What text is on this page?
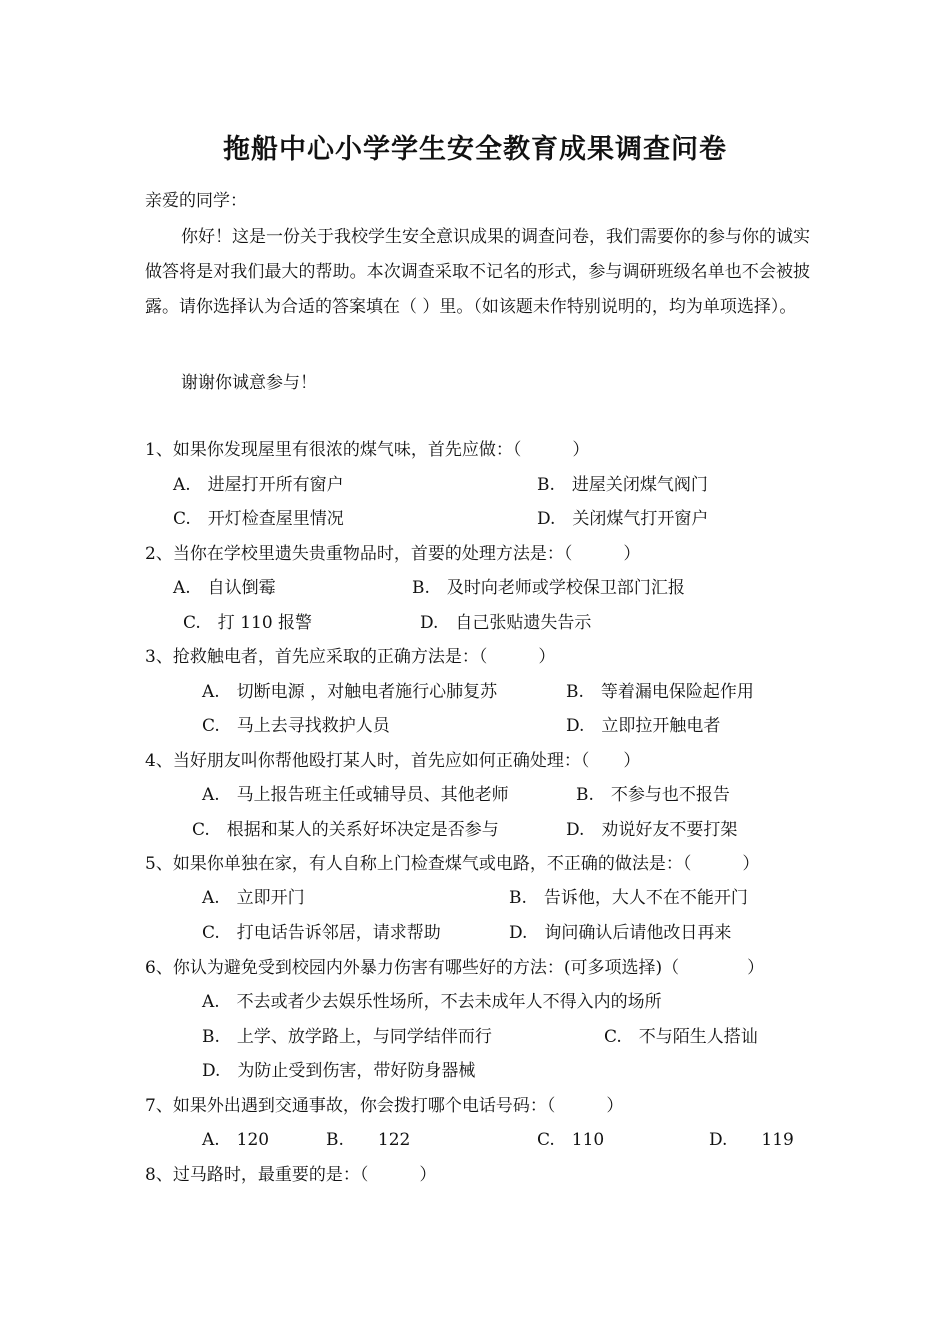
拖船中心小学学生安全教育成果调查问卷
亲爱的同学：
你好！这是一份关于我校学生安全意识成果的调查问卷，我们需要你的参与你的诚实做答将是对我们最大的帮助。本次调查采取不记名的形式，参与调研班级名单也不会被披露。请你选择认为合适的答案填在（ ）里。（如该题未作特别说明的，均为单项选择）。
谢谢你诚意参与！
1、如果你发现屋里有很浓的煤气味，首先应做：（　　　）
A.　进屋打开所有窗户	B.　进屋关闭煤气阀门
C.　开灯检查屋里情况	D.　关闭煤气打开窗户
2、当你在学校里遗失贵重物品时，首要的处理方法是：（　　　）
A.　自认倒霉	B.　及时向老师或学校保卫部门汇报
C.　打 110 报警	D.　自己张贴遗失告示
3、抢救触电者，首先应采取的正确方法是：（　　　）
A.　切断电源 ，对触电者施行心肺复苏	B.　等着漏电保险起作用
C.　马上去寻找救护人员	D.　立即拉开触电者
4、当好朋友叫你帮他殴打某人时，首先应如何正确处理：（　　）
A.　马上报告班主任或辅导员、其他老师	B.　不参与也不报告
C.　根据和某人的关系好坏决定是否参与	D.　劝说好友不要打架
5、如果你单独在家，有人自称上门检查煤气或电路，不正确的做法是：（　　　）
A.　立即开门	B.　告诉他，大人不在不能开门
C.　打电话告诉邻居，请求帮助	D.　询问确认后请他改日再来
6、你认为避免受到校园内外暴力伤害有哪些好的方法：(可多项选择)（　　　　）
A.　不去或者少去娱乐性场所，不去未成年人不得入内的场所
B.　上学、放学路上，与同学结伴而行	C.　不与陌生人搭讪
D.　为防止受到伤害，带好防身器械
7、如果外出遇到交通事故，你会拨打哪个电话号码：（　　　）
A.　120	B.　　122	C.　110	D.　　119
8、过马路时，最重要的是：（　　　）
